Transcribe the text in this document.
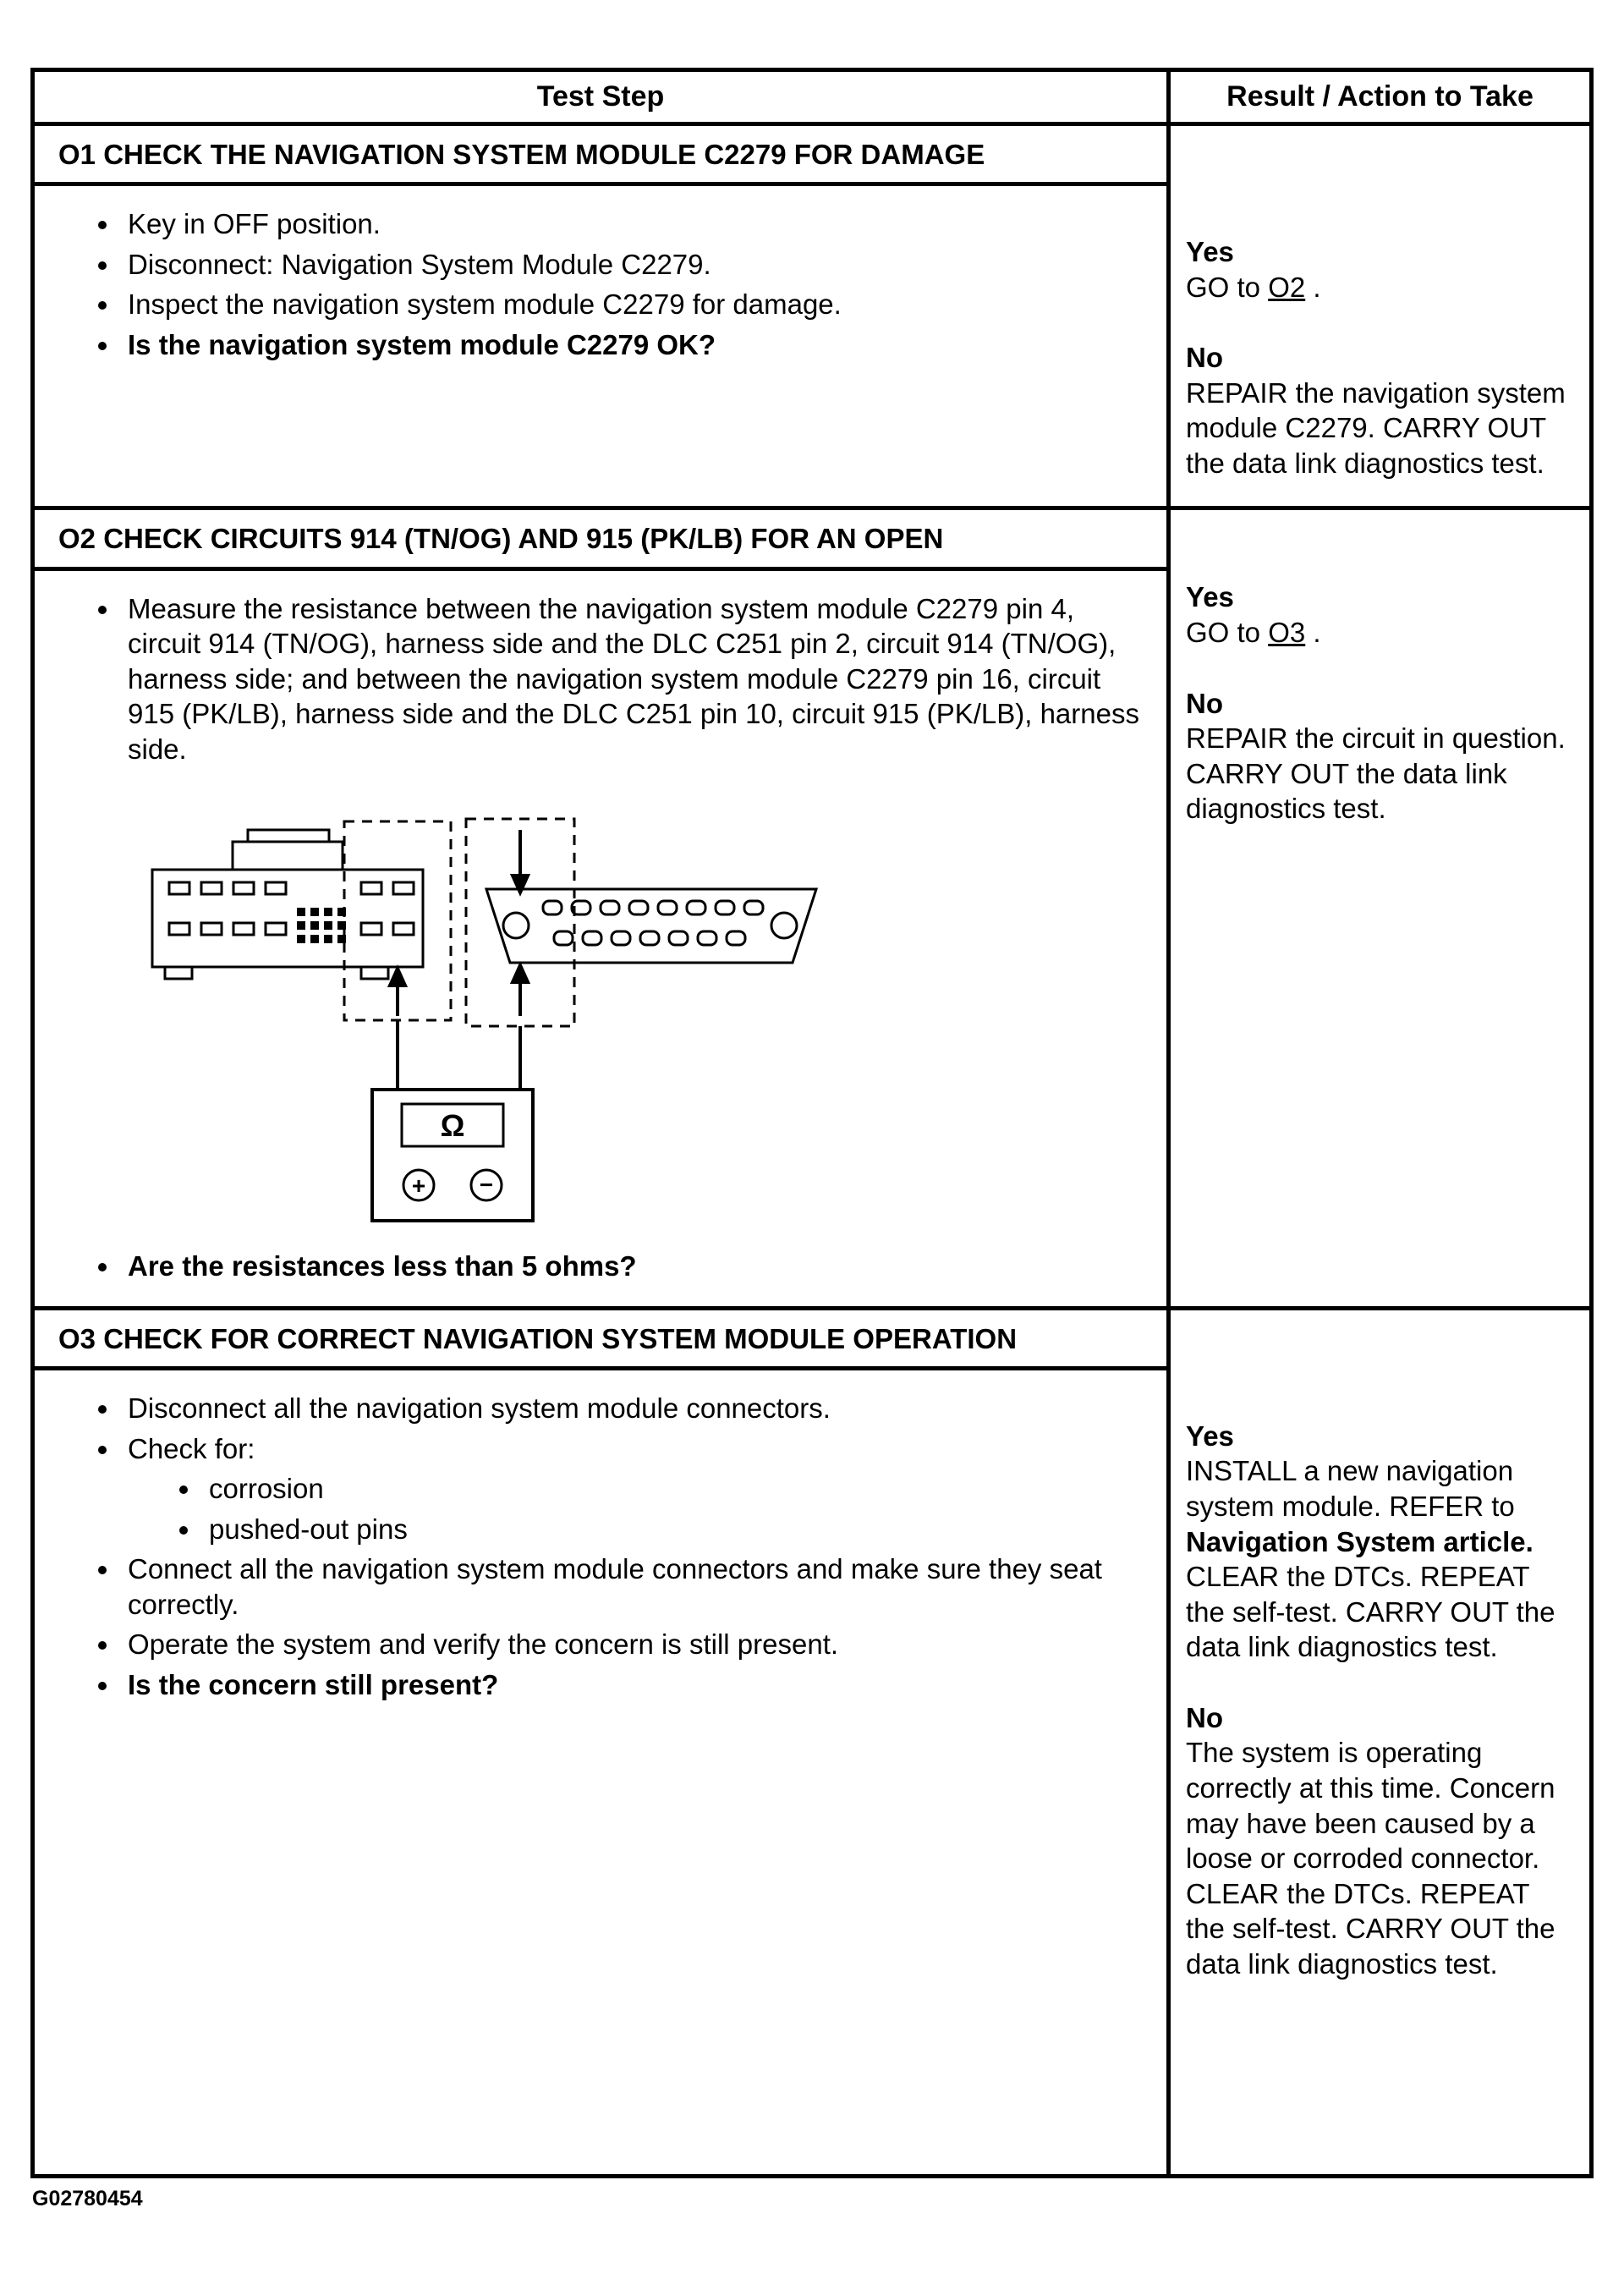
Test Step	Result / Action to Take

O1 CHECK THE NAVIGATION SYSTEM MODULE C2279 FOR DAMAGE
• Key in OFF position.
• Disconnect: Navigation System Module C2279.
• Inspect the navigation system module C2279 for damage.
• Is the navigation system module C2279 OK?

Yes
GO to O2 .
No
REPAIR the navigation system module C2279. CARRY OUT the data link diagnostics test.

O2 CHECK CIRCUITS 914 (TN/OG) AND 915 (PK/LB) FOR AN OPEN
• Measure the resistance between the navigation system module C2279 pin 4, circuit 914 (TN/OG), harness side and the DLC C251 pin 2, circuit 914 (TN/OG), harness side; and between the navigation system module C2279 pin 16, circuit 915 (PK/LB), harness side and the DLC C251 pin 10, circuit 915 (PK/LB), harness side.
Ω
+ −
• Are the resistances less than 5 ohms?

Yes
GO to O3 .
No
REPAIR the circuit in question. CARRY OUT the data link diagnostics test.

O3 CHECK FOR CORRECT NAVIGATION SYSTEM MODULE OPERATION
• Disconnect all the navigation system module connectors.
• Check for:
• corrosion
• pushed-out pins
• Connect all the navigation system module connectors and make sure they seat correctly.
• Operate the system and verify the concern is still present.
• Is the concern still present?

Yes
INSTALL a new navigation system module. REFER to Navigation System article. CLEAR the DTCs. REPEAT the self-test. CARRY OUT the data link diagnostics test.
No
The system is operating correctly at this time. Concern may have been caused by a loose or corroded connector. CLEAR the DTCs. REPEAT the self-test. CARRY OUT the data link diagnostics test.
G02780454
